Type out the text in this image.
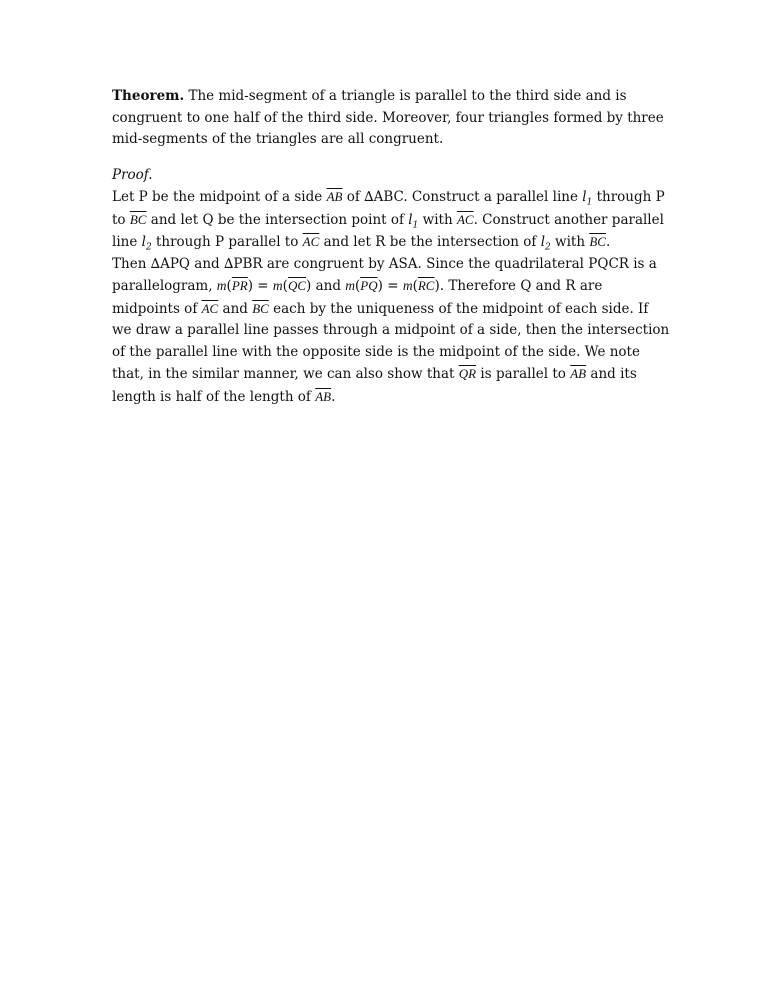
Theorem. The mid-segment of a triangle is parallel to the third side and is congruent to one half of the third side. Moreover, four triangles formed by three mid-segments of the triangles are all congruent.

Proof.

Let P be the midpoint of a side $\overline{AB}$ of ∆ABC. Construct a parallel line $l_1$ through P to $\overline{BC}$ and let Q be the intersection point of $l_1$ with $\overline{AC}$. Construct another parallel line $l_2$ through P parallel to $\overline{AC}$ and let R be the intersection of $l_2$ with $\overline{BC}$.

Then ∆APQ and ∆PBR are congruent by ASA. Since the quadrilateral PQCR is a parallelogram, $m(\overline{PR}) = m(\overline{QC})$ and $m(\overline{PQ}) = m(\overline{RC})$. Therefore Q and R are midpoints of $\overline{AC}$ and $\overline{BC}$ each by the uniqueness of the midpoint of each side. If we draw a parallel line passes through a midpoint of a side, then the intersection of the parallel line with the opposite side is the midpoint of the side. We note that, in the similar manner, we can also show that $\overline{QR}$ is parallel to $\overline{AB}$ and its length is half of the length of $\overline{AB}$.
